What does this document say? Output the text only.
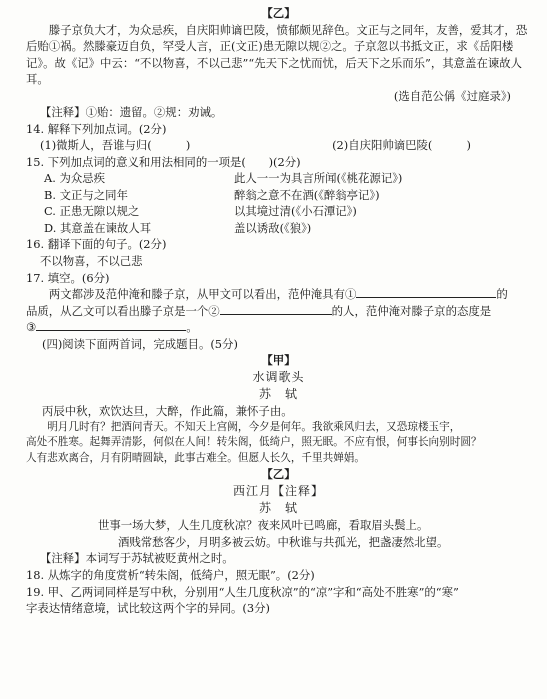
【乙】

滕子京负大才，为众忌疾，自庆阳帅谪巴陵，愤郁颇见辞色。文正与之同年，友善，爱其才，恐后贻①祸。然滕豪迈自负，罕受人言，正(文正)患无隙以规②之。子京忽以书抵文正，求《岳阳楼记》。故《记》中云：“不以物喜，不以己悲”“先天下之忧而忧，后天下之乐而乐”，其意盖在谏故人耳。

(选自范公偁《过庭录》)
【注释】①贻：遗留。②规：劝诫。
14. 解释下列加点词。(2分)
(1)微斯人，吾谁与归(　　　)	(2)自庆阳帅谪巴陵(　　　)
15. 下列加点词的意义和用法相同的一项是(　　)(2分)
A. 为众忌疾	此人一一为具言所闻(《桃花源记》)
B. 文正与之同年	醉翁之意不在酒(《醉翁亭记》)
C. 正患无隙以规之	以其境过清(《小石潭记》)
D. 其意盖在谏故人耳	盖以诱敌(《狼》)
16. 翻译下面的句子。(2分)
不以物喜，不以己悲
17. 填空。(6分)
两文都涉及范仲淹和滕子京，从甲文可以看出，范仲淹具有①	的
品质，从乙文可以看出滕子京是一个②	的人，范仲淹对滕子京的态度是
③	。
(四)阅读下面两首词，完成题目。(5分)
【甲】
水调歌头
苏　轼
丙辰中秋，欢饮达旦，大醉，作此篇，兼怀子由。
明月几时有？把酒问青天。不知天上宫阙，今夕是何年。我欲乘风归去，又恐琼楼玉宇，
高处不胜寒。起舞弄清影，何似在人间！转朱阁，低绮户，照无眠。不应有恨，何事长向别时圆？
人有悲欢离合，月有阴晴圆缺，此事古难全。但愿人长久，千里共婵娟。
【乙】
西江月【注释】
苏　轼
世事一场大梦，人生几度秋凉？夜来风叶已鸣廊，看取眉头鬓上。
酒贱常愁客少，月明多被云妨。中秋谁与共孤光，把盏凄然北望。
【注释】本词写于苏轼被贬黄州之时。
18. 从炼字的角度赏析“转朱阁，低绮户，照无眠”。(2分)
19. 甲、乙两词同样是写中秋，分别用“人生几度秋凉”的“凉”字和“高处不胜寒”的“寒”
字表达情绪意境，试比较这两个字的异同。(3分)
